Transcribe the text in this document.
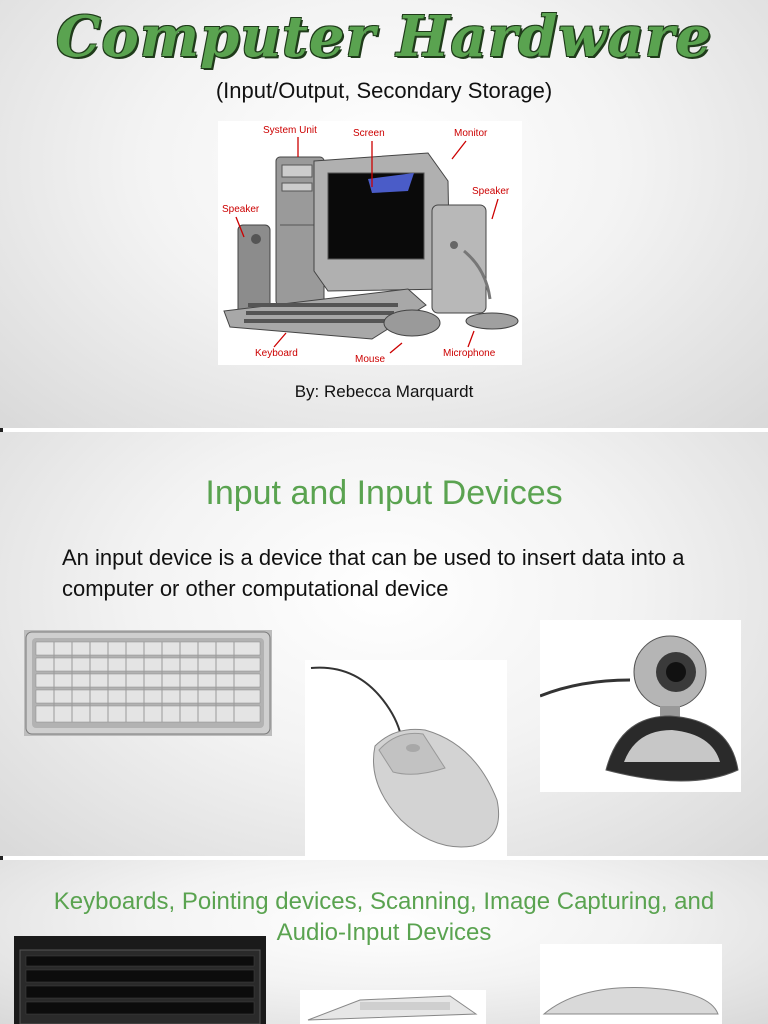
Computer Hardware
(Input/Output, Secondary Storage)
System Unit	Screen	Monitor
Speaker
Speaker
Keyboard
Mouse
Microphone
By: Rebecca Marquardt
Input and Input Devices
An input device is a device that can be used to insert data into a computer or other computational device
Keyboards, Pointing devices, Scanning, Image Capturing, and Audio-Input Devices
